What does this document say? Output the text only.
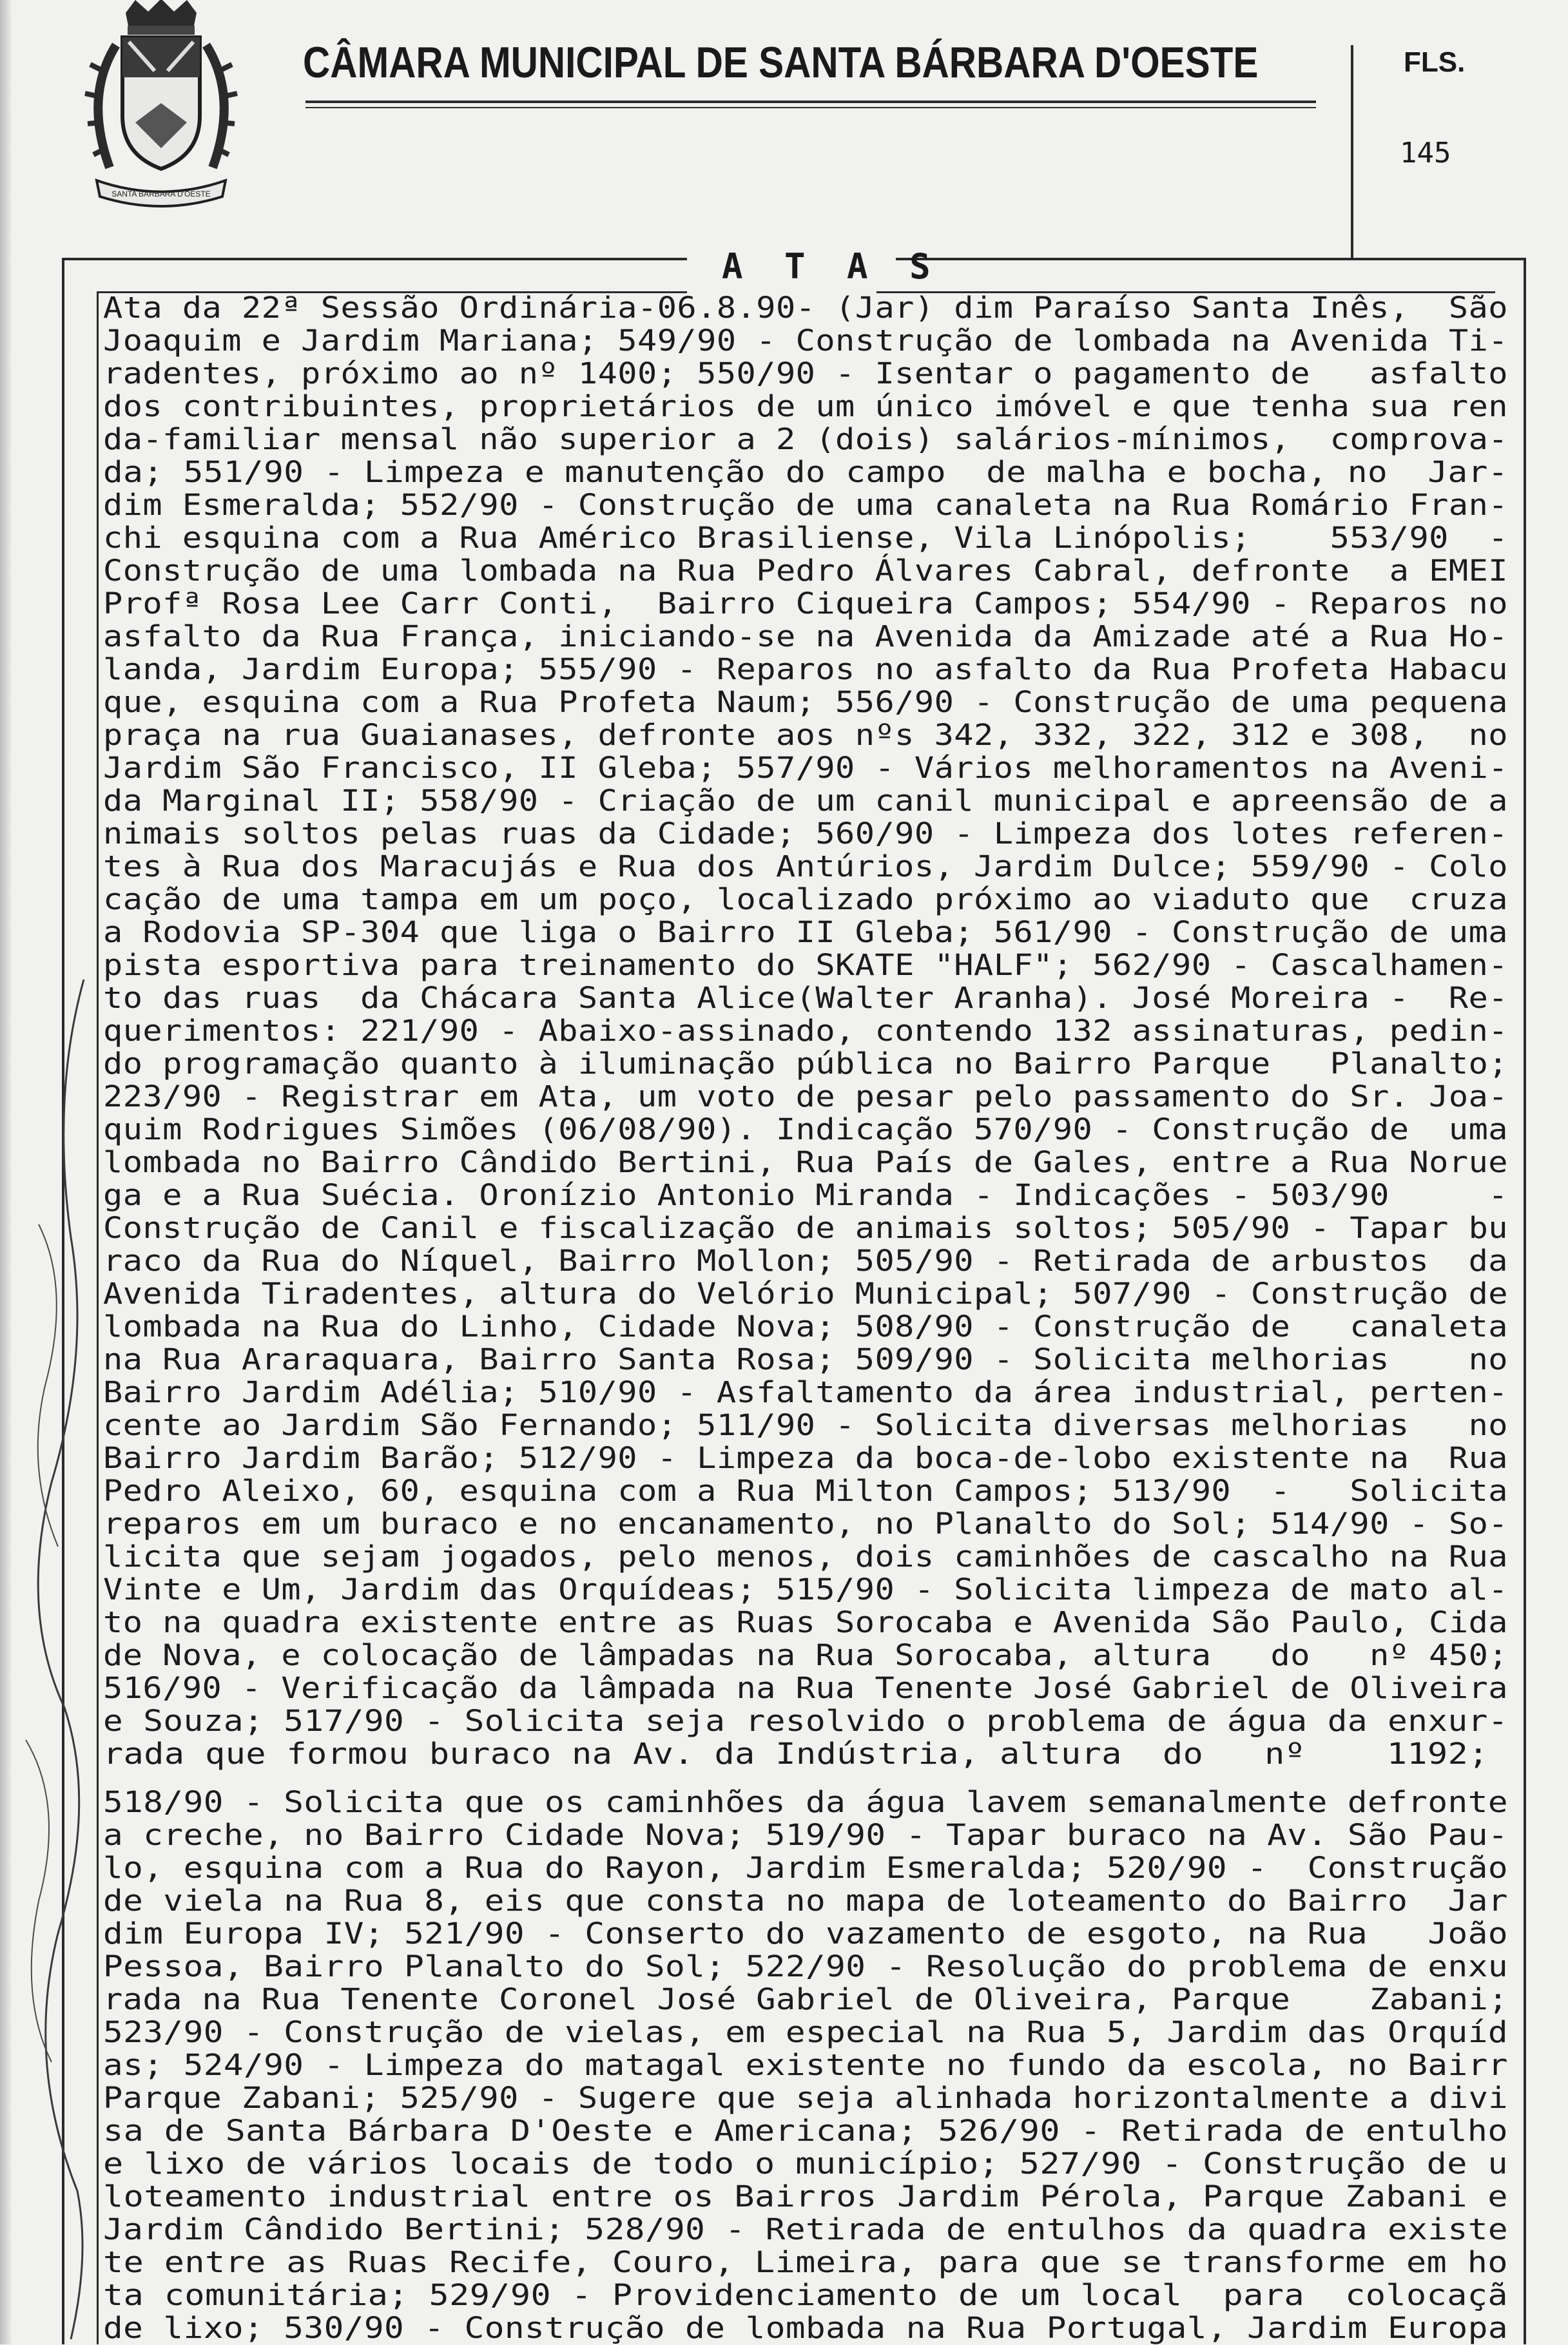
SANTA BÁRBARA D'OESTE
CÂMARA MUNICIPAL DE SANTA BÁRBARA D'OESTE	FLS.
145
A T A S
Ata da 22ª Sessão Ordinária-06.8.90- (Jar) dim Paraíso Santa Inês,  São
Joaquim e Jardim Mariana; 549/90 - Construção de lombada na Avenida Ti-
radentes, próximo ao nº 1400; 550/90 - Isentar o pagamento de   asfalto
dos contribuintes, proprietários de um único imóvel e que tenha sua ren
da-familiar mensal não superior a 2 (dois) salários-mínimos,  comprova-
da; 551/90 - Limpeza e manutenção do campo  de malha e bocha, no  Jar-
dim Esmeralda; 552/90 - Construção de uma canaleta na Rua Romário Fran-
chi esquina com a Rua Américo Brasiliense, Vila Linópolis;    553/90  -
Construção de uma lombada na Rua Pedro Álvares Cabral, defronte  a EMEI
Profª Rosa Lee Carr Conti,  Bairro Ciqueira Campos; 554/90 - Reparos no
asfalto da Rua França, iniciando-se na Avenida da Amizade até a Rua Ho-
landa, Jardim Europa; 555/90 - Reparos no asfalto da Rua Profeta Habacu
que, esquina com a Rua Profeta Naum; 556/90 - Construção de uma pequena
praça na rua Guaianases, defronte aos nºs 342, 332, 322, 312 e 308,  no
Jardim São Francisco, II Gleba; 557/90 - Vários melhoramentos na Aveni-
da Marginal II; 558/90 - Criação de um canil municipal e apreensão de a
nimais soltos pelas ruas da Cidade; 560/90 - Limpeza dos lotes referen-
tes à Rua dos Maracujás e Rua dos Antúrios, Jardim Dulce; 559/90 - Colo
cação de uma tampa em um poço, localizado próximo ao viaduto que  cruza
a Rodovia SP-304 que liga o Bairro II Gleba; 561/90 - Construção de uma
pista esportiva para treinamento do SKATE "HALF"; 562/90 - Cascalhamen-
to das ruas  da Chácara Santa Alice(Walter Aranha). José Moreira -  Re-
querimentos: 221/90 - Abaixo-assinado, contendo 132 assinaturas, pedin-
do programação quanto à iluminação pública no Bairro Parque   Planalto;
223/90 - Registrar em Ata, um voto de pesar pelo passamento do Sr. Joa-
quim Rodrigues Simões (06/08/90). Indicação 570/90 - Construção de  uma
lombada no Bairro Cândido Bertini, Rua País de Gales, entre a Rua Norue
ga e a Rua Suécia. Oronízio Antonio Miranda - Indicações - 503/90     -
Construção de Canil e fiscalização de animais soltos; 505/90 - Tapar bu
raco da Rua do Níquel, Bairro Mollon; 505/90 - Retirada de arbustos  da
Avenida Tiradentes, altura do Velório Municipal; 507/90 - Construção de
lombada na Rua do Linho, Cidade Nova; 508/90 - Construção de   canaleta
na Rua Araraquara, Bairro Santa Rosa; 509/90 - Solicita melhorias    no
Bairro Jardim Adélia; 510/90 - Asfaltamento da área industrial, perten-
cente ao Jardim São Fernando; 511/90 - Solicita diversas melhorias   no
Bairro Jardim Barão; 512/90 - Limpeza da boca-de-lobo existente na  Rua
Pedro Aleixo, 60, esquina com a Rua Milton Campos; 513/90  -   Solicita
reparos em um buraco e no encanamento, no Planalto do Sol; 514/90 - So-
licita que sejam jogados, pelo menos, dois caminhões de cascalho na Rua
Vinte e Um, Jardim das Orquídeas; 515/90 - Solicita limpeza de mato al-
to na quadra existente entre as Ruas Sorocaba e Avenida São Paulo, Cida
de Nova, e colocação de lâmpadas na Rua Sorocaba, altura   do   nº 450;
516/90 - Verificação da lâmpada na Rua Tenente José Gabriel de Oliveira
e Souza; 517/90 - Solicita seja resolvido o problema de água da enxur-
rada que formou buraco na Av. da Indústria, altura  do   nº    1192;
518/90 - Solicita que os caminhões da água lavem semanalmente defronte
a creche, no Bairro Cidade Nova; 519/90 - Tapar buraco na Av. São Pau-
lo, esquina com a Rua do Rayon, Jardim Esmeralda; 520/90 -  Construção
de viela na Rua 8, eis que consta no mapa de loteamento do Bairro  Jar
dim Europa IV; 521/90 - Conserto do vazamento de esgoto, na Rua   João
Pessoa, Bairro Planalto do Sol; 522/90 - Resolução do problema de enxu
rada na Rua Tenente Coronel José Gabriel de Oliveira, Parque    Zabani;
523/90 - Construção de vielas, em especial na Rua 5, Jardim das Orquíd
as; 524/90 - Limpeza do matagal existente no fundo da escola, no Bairr
Parque Zabani; 525/90 - Sugere que seja alinhada horizontalmente a divi
sa de Santa Bárbara D'Oeste e Americana; 526/90 - Retirada de entulho
e lixo de vários locais de todo o município; 527/90 - Construção de u
loteamento industrial entre os Bairros Jardim Pérola, Parque Zabani e
Jardim Cândido Bertini; 528/90 - Retirada de entulhos da quadra existe
te entre as Ruas Recife, Couro, Limeira, para que se transforme em ho
ta comunitária; 529/90 - Providenciamento de um local  para  colocaçã
de lixo; 530/90 - Construção de lombada na Rua Portugal, Jardim Europa
